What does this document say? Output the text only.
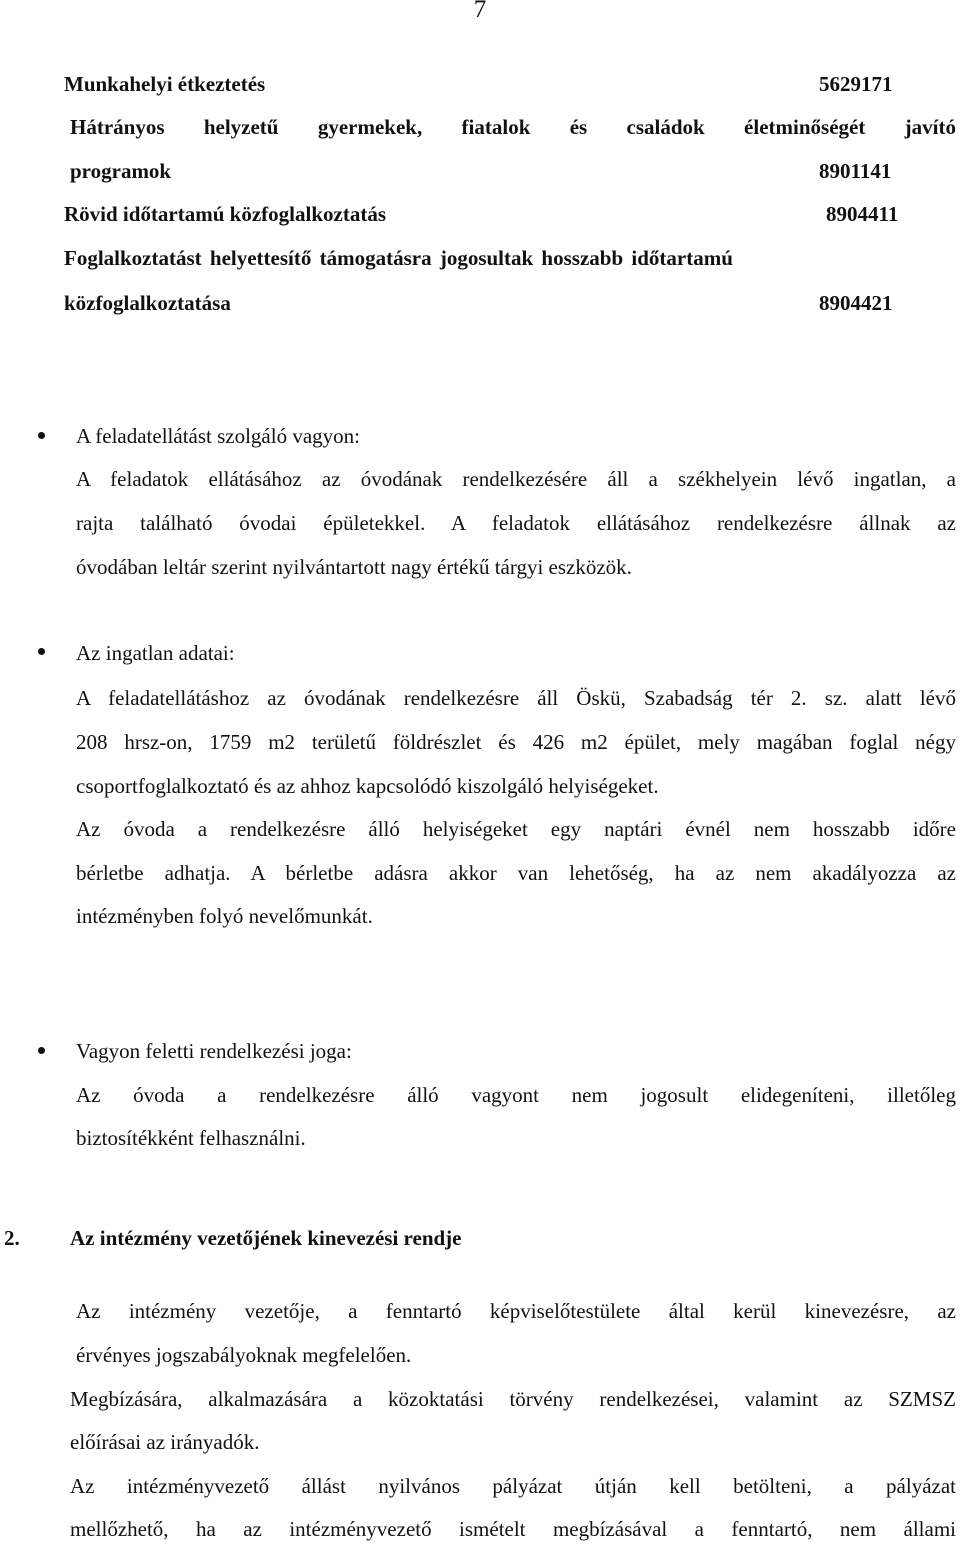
7
Munkahelyi étkeztetés	5629171
Hátrányos helyzetű gyermekek, fiatalok és családok életminőségét javító
programok	8901141
Rövid időtartamú közfoglalkoztatás	8904411
Foglalkoztatást helyettesítő támogatásra jogosultak hosszabb időtartamú
közfoglalkoztatása	8904421
A feladatellátást szolgáló vagyon:
A feladatok ellátásához az óvodának rendelkezésére áll a székhelyein lévő ingatlan, a
rajta található óvodai épületekkel. A feladatok ellátásához rendelkezésre állnak az
óvodában leltár szerint nyilvántartott nagy értékű tárgyi eszközök.
Az ingatlan adatai:
A feladatellátáshoz az óvodának rendelkezésre áll Öskü, Szabadság tér 2. sz. alatt lévő
208 hrsz-on, 1759 m2 területű földrészlet és 426 m2 épület, mely magában foglal négy
csoportfoglalkoztató és az ahhoz kapcsolódó kiszolgáló helyiségeket.
Az óvoda a rendelkezésre álló helyiségeket egy naptári évnél nem hosszabb időre
bérletbe adhatja. A bérletbe adásra akkor van lehetőség, ha az nem akadályozza az
intézményben folyó nevelőmunkát.
Vagyon feletti rendelkezési joga:
Az óvoda a rendelkezésre álló vagyont nem jogosult elidegeníteni, illetőleg
biztosítékként felhasználni.
2. Az intézmény vezetőjének kinevezési rendje
Az intézmény vezetője, a fenntartó képviselőtestülete által kerül kinevezésre, az
érvényes jogszabályoknak megfelelően.
Megbízására, alkalmazására a közoktatási törvény rendelkezései, valamint az SZMSZ
előírásai az irányadók.
Az intézményvezető állást nyilvános pályázat útján kell betölteni, a pályázat
mellőzhető, ha az intézményvezető ismételt megbízásával a fenntartó, nem állami
